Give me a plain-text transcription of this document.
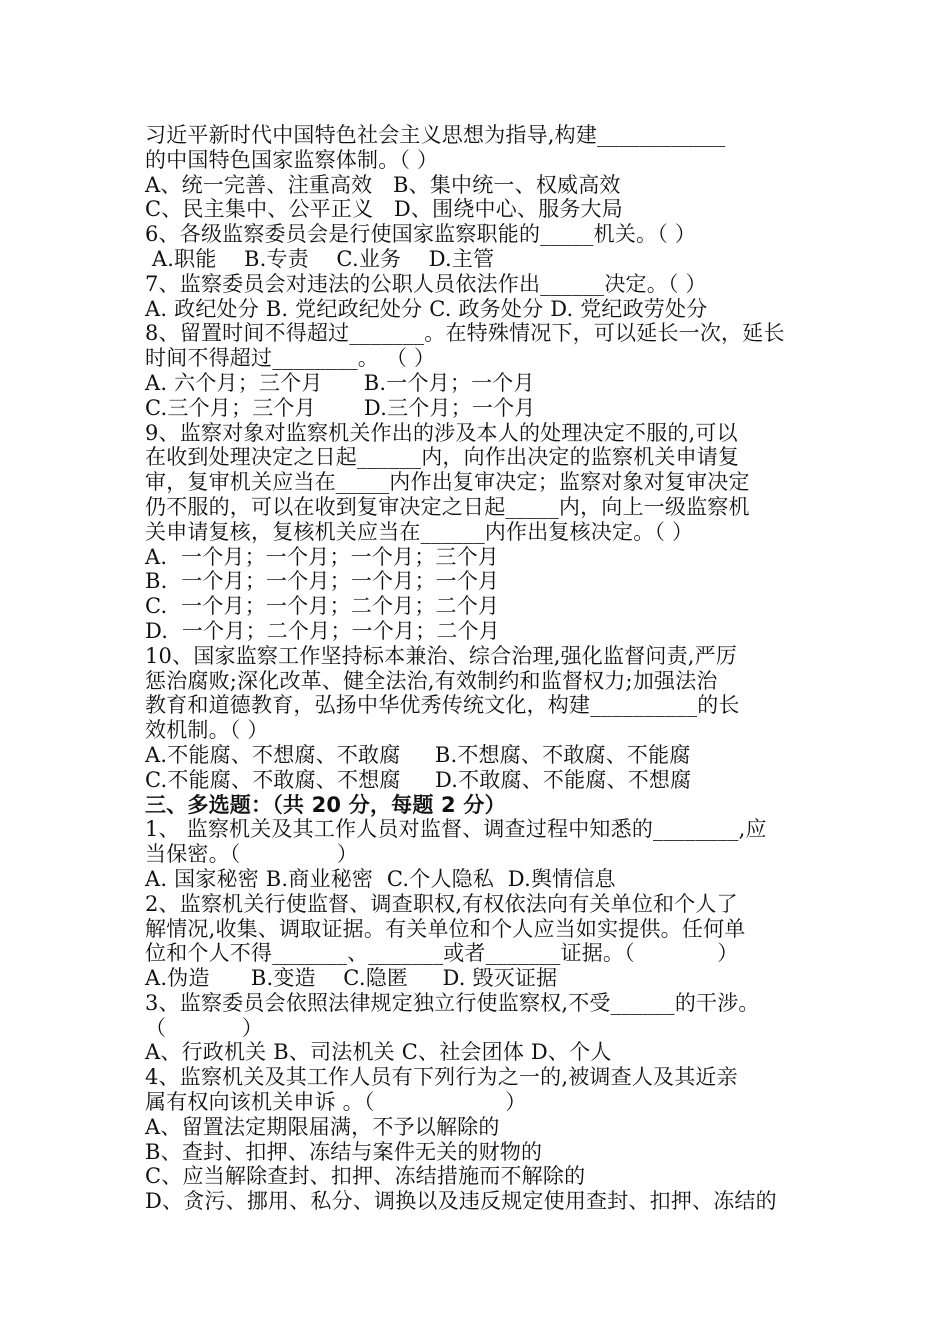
习近平新时代中国特色社会主义思想为指导,构建____________
的中国特色国家监察体制。（ ）
A、统一完善、注重高效   B、集中统一、权威高效
C、民主集中、公平正义   D、围绕中心、服务大局
6、各级监察委员会是行使国家监察职能的_____机关。（ ）
A.职能    B.专责    C.业务    D.主管
7、监察委员会对违法的公职人员依法作出______决定。（ ）
A. 政纪处分 B. 党纪政纪处分 C. 政务处分 D. 党纪政劳处分
8、留置时间不得超过_______。在特殊情况下，可以延长一次，延长
时间不得超过________。 （ ）
A. 六个月；三个月      B.一个月；一个月
C.三个月；三个月       D.三个月；一个月
9、监察对象对监察机关作出的涉及本人的处理决定不服的,可以
在收到处理决定之日起______内，向作出决定的监察机关申请复
审，复审机关应当在_____内作出复审决定；监察对象对复审决定
仍不服的，可以在收到复审决定之日起_____内，向上一级监察机
关申请复核，复核机关应当在______内作出复核决定。（ ）
A.  一个月；一个月；一个月；三个月
B.  一个月；一个月；一个月；一个月
C.  一个月；一个月；二个月；二个月
D.  一个月；二个月；一个月；二个月
10、国家监察工作坚持标本兼治、综合治理,强化监督问责,严厉
惩治腐败;深化改革、健全法治,有效制约和监督权力;加强法治
教育和道德教育，弘扬中华优秀传统文化，构建__________的长
效机制。（ ）
A.不能腐、不想腐、不敢腐     B.不想腐、不敢腐、不能腐
C.不能腐、不敢腐、不想腐     D.不敢腐、不能腐、不想腐
三、多选题：（共 20 分，每题 2 分）
1、 监察机关及其工作人员对监督、调查过程中知悉的________,应
当保密。（              ）
A. 国家秘密 B.商业秘密  C.个人隐私  D.舆情信息
2、监察机关行使监督、调查职权,有权依法向有关单位和个人了
解情况,收集、调取证据。有关单位和个人应当如实提供。任何单
位和个人不得_______、_______或者_______证据。（            ）
A.伪造      B.变造    C.隐匿     D. 毁灭证据
3、监察委员会依照法律规定独立行使监察权,不受______的干涉。
（           ）
A、行政机关 B、司法机关 C、社会团体 D、个人
4、监察机关及其工作人员有下列行为之一的,被调查人及其近亲
属有权向该机关申诉 。（                   ）
A、留置法定期限届满，不予以解除的
B、查封、扣押、冻结与案件无关的财物的
C、应当解除查封、扣押、冻结措施而不解除的
D、贪污、挪用、私分、调换以及违反规定使用查封、扣押、冻结的
